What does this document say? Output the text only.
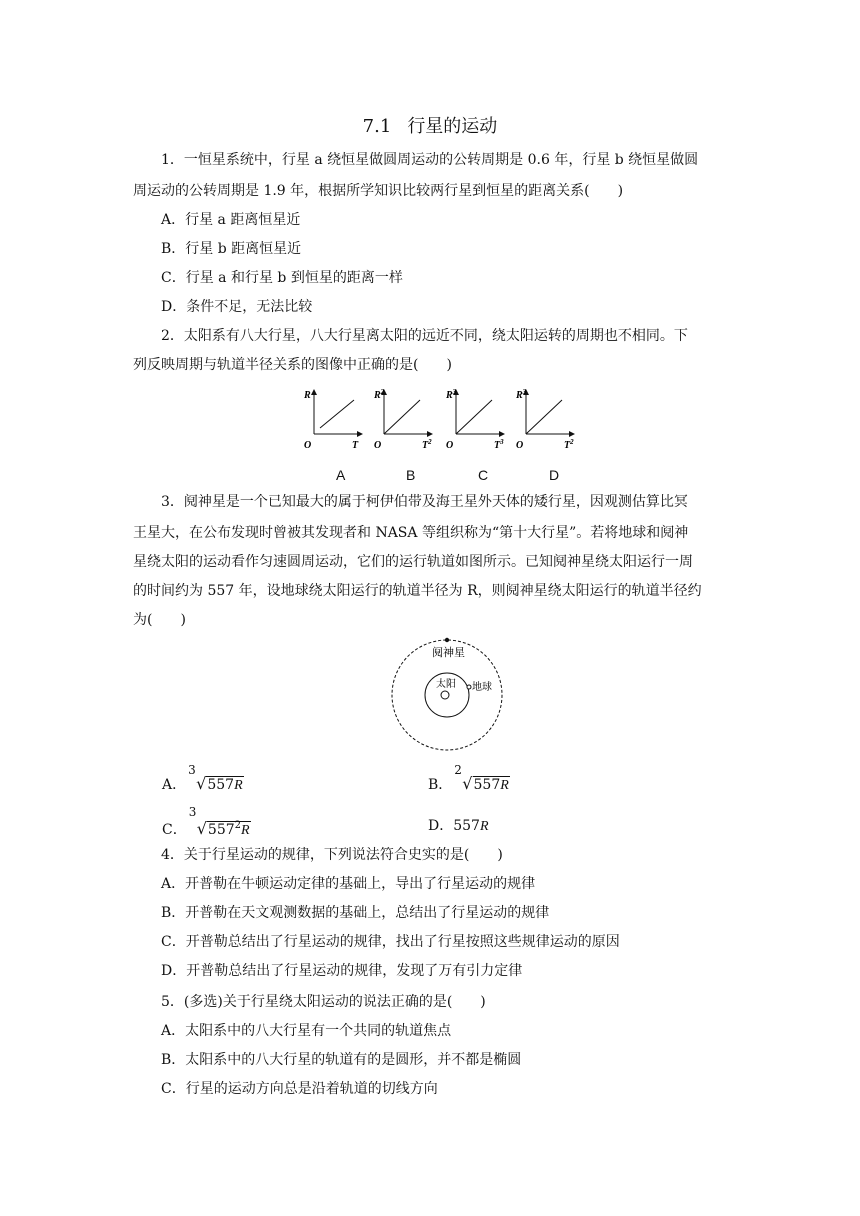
7.1 行星的运动
1．一恒星系统中，行星 a 绕恒星做圆周运动的公转周期是 0.6 年，行星 b 绕恒星做圆
周运动的公转周期是 1.9 年，根据所学知识比较两行星到恒星的距离关系(　　)
A．行星 a 距离恒星近
B．行星 b 距离恒星近
C．行星 a 和行星 b 到恒星的距离一样
D．条件不足，无法比较
2．太阳系有八大行星，八大行星离太阳的远近不同，绕太阳运转的周期也不相同。下
列反映周期与轨道半径关系的图像中正确的是(　　)
R
O	T
$R^2$
O	$T^2$
$R^3$
O	$T^3$
$R^3$
O	$T^2$
A	B	C	D
3．阋神星是一个已知最大的属于柯伊伯带及海王星外天体的矮行星，因观测估算比冥
王星大，在公布发现时曾被其发现者和 NASA 等组织称为“第十大行星”。若将地球和阋神
星绕太阳的运动看作匀速圆周运动，它们的运行轨道如图所示。已知阋神星绕太阳运行一周
的时间约为 557 年，设地球绕太阳运行的轨道半径为 R，则阋神星绕太阳运行的轨道半径约
为(　　)
阋神星
太阳 地球
A．
3
√557R	B．
2
√557R
C．
3
$√557^2R$	D．557R
4．关于行星运动的规律，下列说法符合史实的是(　　)
A．开普勒在牛顿运动定律的基础上，导出了行星运动的规律
B．开普勒在天文观测数据的基础上，总结出了行星运动的规律
C．开普勒总结出了行星运动的规律，找出了行星按照这些规律运动的原因
D．开普勒总结出了行星运动的规律，发现了万有引力定律
5．(多选)关于行星绕太阳运动的说法正确的是(　　)
A．太阳系中的八大行星有一个共同的轨道焦点
B．太阳系中的八大行星的轨道有的是圆形，并不都是椭圆
C．行星的运动方向总是沿着轨道的切线方向
